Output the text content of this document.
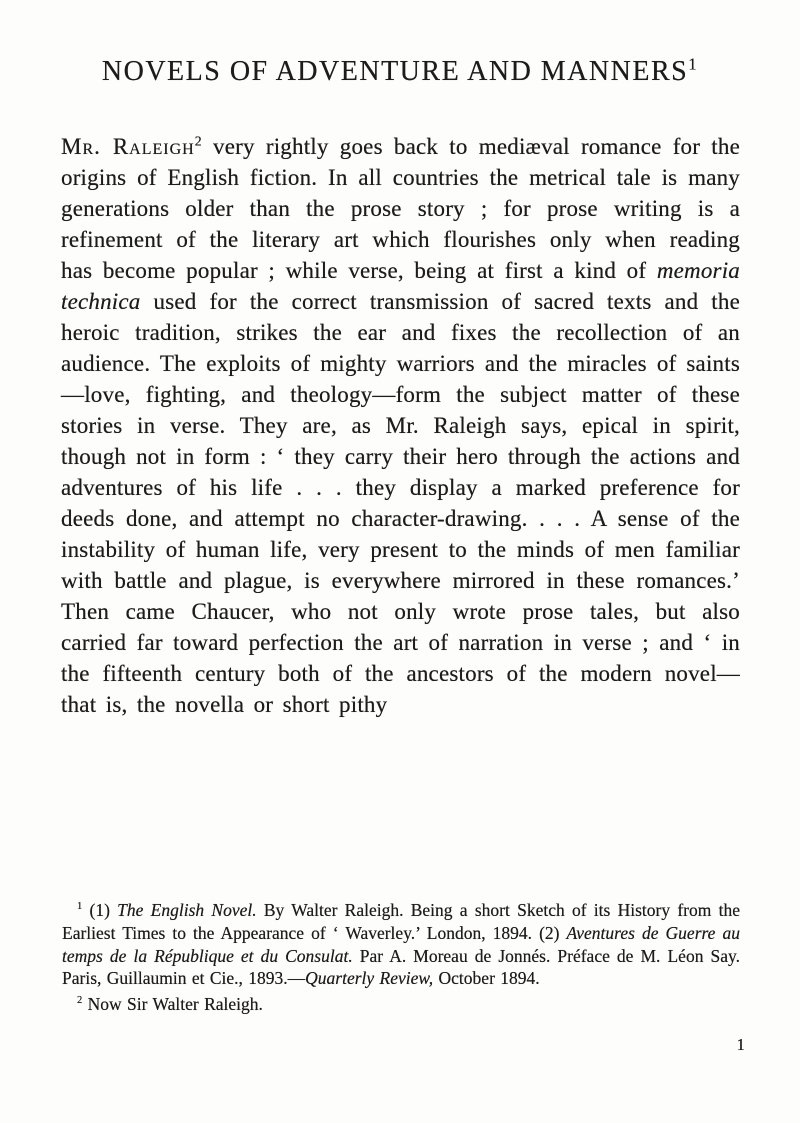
NOVELS OF ADVENTURE AND MANNERS$^1$

Mr. Raleigh$^2$ very rightly goes back to mediæval romance for the origins of English fiction. In all countries the metrical tale is many generations older than the prose story ; for prose writing is a refinement of the literary art which flourishes only when reading has become popular ; while verse, being at first a kind of memoria technica used for the correct transmission of sacred texts and the heroic tradition, strikes the ear and fixes the recollection of an audience. The exploits of mighty warriors and the miracles of saints—love, fighting, and theology—form the subject matter of these stories in verse. They are, as Mr. Raleigh says, epical in spirit, though not in form : ‘ they carry their hero through the actions and adventures of his life . . . they display a marked preference for deeds done, and attempt no character-drawing. . . . A sense of the instability of human life, very present to the minds of men familiar with battle and plague, is everywhere mirrored in these romances.’ Then came Chaucer, who not only wrote prose tales, but also carried far toward perfection the art of narration in verse ; and ‘ in the fifteenth century both of the ancestors of the modern novel—that is, the novella or short pithy

$^1$ (1) The English Novel. By Walter Raleigh. Being a short Sketch of its History from the Earliest Times to the Appearance of ‘ Waverley.’ London, 1894. (2) Aventures de Guerre au temps de la République et du Consulat. Par A. Moreau de Jonnés. Préface de M. Léon Say. Paris, Guillaumin et Cie., 1893.—Quarterly Review, October 1894.

$^2$ Now Sir Walter Raleigh.

1
